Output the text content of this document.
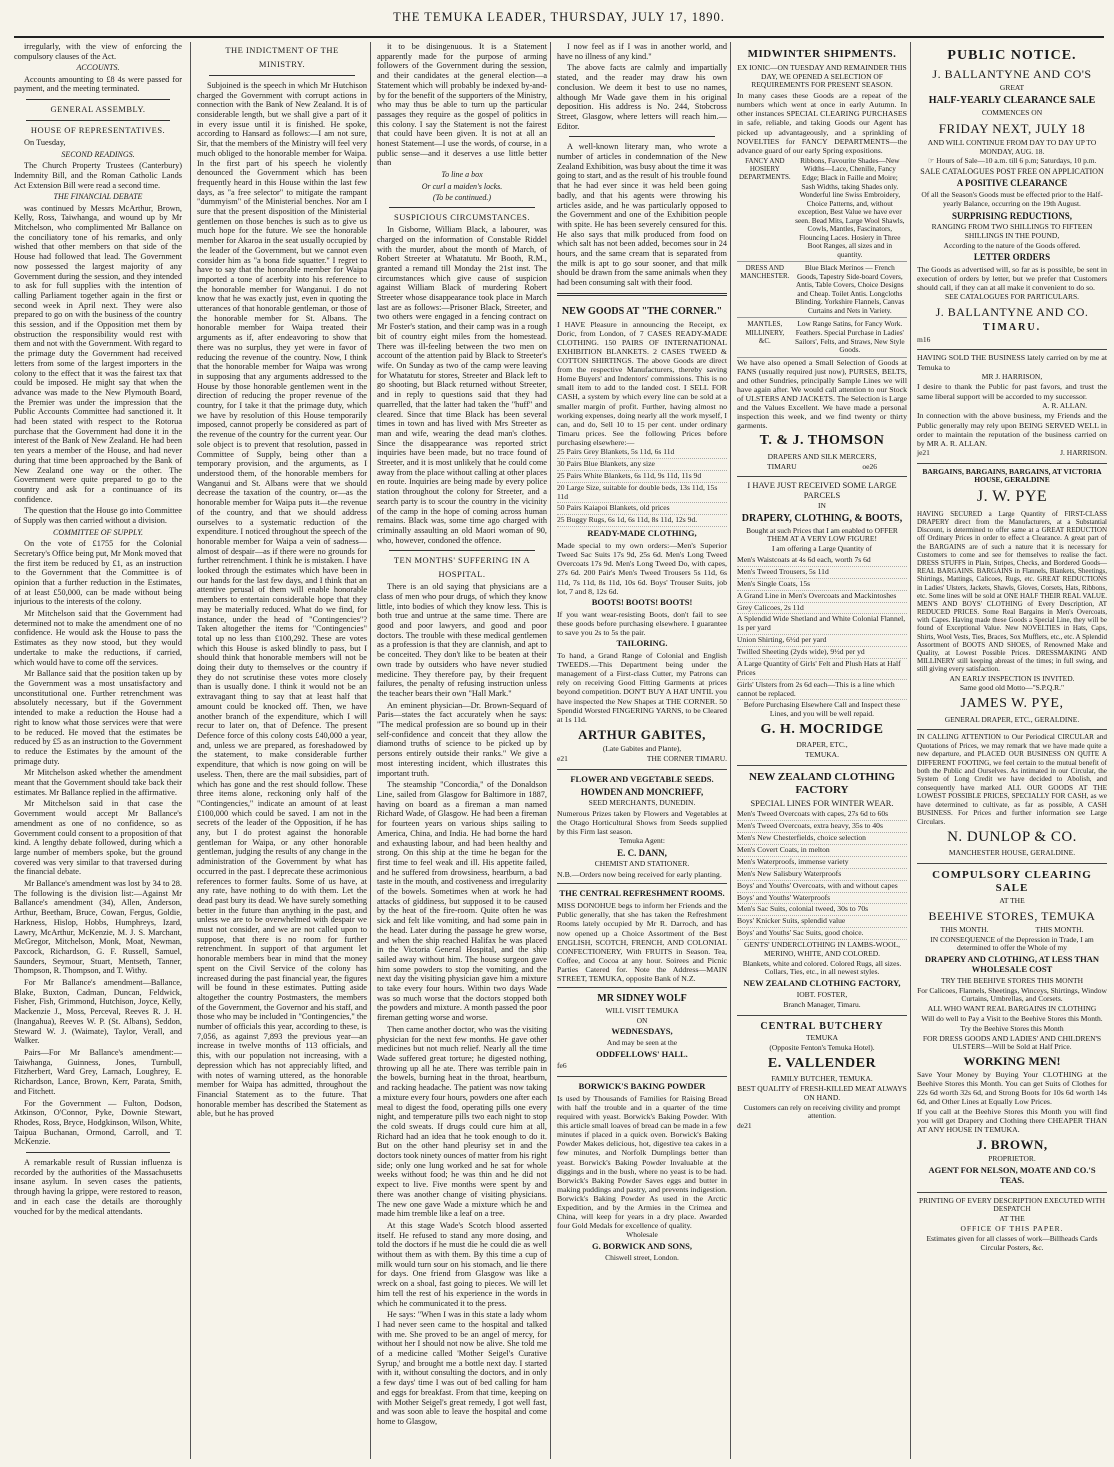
THE TEMUKA LEADER, THURSDAY, JULY 17, 1890.

irregularly, with the view of enforcing the compulsory clauses of the Act.

ACCOUNTS.

Accounts amounting to £8 4s were passed for payment, and the meeting terminated.

GENERAL ASSEMBLY.
HOUSE OF REPRESENTATIVES.

On Tuesday,

SECOND READINGS.

The Church Property Trustees (Canterbury) Indemnity Bill, and the Roman Catholic Lands Act Extension Bill were read a second time.

THE FINANCIAL DEBATE

was continued by Messrs McArthur, Brown, Kelly, Ross, Taiwhanga, and wound up by Mr Mitchelson, who complimented Mr Ballance on the conciliatory tone of his remarks, and only wished that other members on that side of the House had followed that lead. The Government now possessed the largest majority of any Government during the session, and they intended to ask for full supplies with the intention of calling Parliament together again in the first or second week in April next. They were also prepared to go on with the business of the country this session, and if the Opposition met them by obstruction the responsibility would rest with them and not with the Government. With regard to the primage duty the Government had received letters from some of the largest importers in the colony to the effect that it was the fairest tax that could be imposed. He might say that when the advance was made to the New Plymouth Board, the Premier was under the impression that the Public Accounts Committee had sanctioned it. It had been stated with respect to the Rotorua purchase that the Government had done it in the interest of the Bank of New Zealand. He had been ten years a member of the House, and had never during that time been approached by the Bank of New Zealand one way or the other. The Government were quite prepared to go to the country and ask for a continuance of its confidence.

The question that the House go into Committee of Supply was then carried without a division.

COMMITTEE OF SUPPLY.

On the vote of £1755 for the Colonial Secretary's Office being put, Mr Monk moved that the first item be reduced by £1, as an instruction to the Government that the Committee is of opinion that a further reduction in the Estimates, of at least £50,000, can be made without being injurious to the interests of the colony.

Mr Mitchelson said that the Government had determined not to make the amendment one of no confidence. He would ask the House to pass the Estimates as they now stood, but they would undertake to make the reductions, if carried, which would have to come off the services.

Mr Ballance said that the position taken up by the Government was a most unsatisfactory and unconstitutional one. Further retrenchment was absolutely necessary, but if the Government intended to make a reduction the House had a right to know what those services were that were to be reduced. He moved that the estimates be reduced by £5 as an instruction to the Government to reduce the Estimates by the amount of the primage duty.

Mr Mitchelson asked whether the amendment meant that the Government should take back their estimates. Mr Ballance replied in the affirmative.

Mr Mitchelson said in that case the Government would accept Mr Ballance's amendment as one of no confidence, so as Government could consent to a proposition of that kind. A lengthy debate followed, during which a large number of members spoke, but the ground covered was very similar to that traversed during the financial debate.

Mr Ballance's amendment was lost by 34 to 28. The following is the division list:—Against Mr Ballance's amendment (34), Allen, Anderson, Arthur, Beetham, Bruce, Cowan, Fergus, Goldie, Harkness, Hislop, Hobbs, Humphreys, Izard, Lawry, McArthur, McKenzie, M. J. S. Marchant, McGregor, Mitchelson, Monk, Moat, Newman, Paxcock, Richardson, G. F. Russell, Samuel, Saunders, Seymour, Stuart, Mentseth, Tanner, Thompson, R. Thompson, and T. Withy.

For Mr Ballance's amendment—Ballance, Blake, Buxton, Cadman, Duncan, Feldwick, Fisher, Fish, Grimmond, Hutchison, Joyce, Kelly, Mackenzie J., Moss, Perceval, Reeves R. J. H. (Inangahua), Reeves W. P. (St. Albans), Seddon, Steward W. J. (Waimate), Taylor, Verall, and Walker.

Pairs—For Mr Ballance's amendment:—Taiwhanga, Guinness, Jones, Turnbull, Fitzherbert, Ward Grey, Larnach, Loughrey, E. Richardson, Lance, Brown, Kerr, Parata, Smith, and Fitchett.

For the Government — Fulton, Dodson, Atkinson, O'Connor, Pyke, Downie Stewart, Rhodes, Ross, Bryce, Hodgkinson, Wilson, White, Taipua Buchanan, Ormond, Carroll, and T. McKenzie.

A remarkable result of Russian influenza is recorded by the authorities of the Massachusetts insane asylum. In seven cases the patients, through having la grippe, were restored to reason, and in each case the details are thoroughly vouched for by the medical attendants.

THE INDICTMENT OF THE
MINISTRY.

Subjoined is the speech in which Mr Hutchison charged the Government with corrupt actions in connection with the Bank of New Zealand. It is of considerable length, but we shall give a part of it in every issue until it is finished. He spoke, according to Hansard as follows:—I am not sure, Sir, that the members of the Ministry will feel very much obliged to the honorable member for Waipa. In the first part of his speech he violently denounced the Government which has been frequently heard in this House within the last few days, as "a free selector" to mitigate the rampant "dummyism" of the Ministerial benches. Nor am I sure that the present disposition of the Ministerial gentlemen on those benches is such as to give us much hope for the future. We see the honorable member for Akaroa in the seat usually occupied by the leader of the Government, but we cannot even consider him as "a bona fide squatter." I regret to have to say that the honorable member for Waipa imported a tone of acerbity into his reference to the honorable member for Wanganui. I do not know that he was exactly just, even in quoting the utterances of that honorable gentleman, or those of the honorable member for St. Albans. The honorable member for Waipa treated their arguments as if, after endeavoring to show that there was no surplus, they yet were in favor of reducing the revenue of the country. Now, I think that the honorable member for Waipa was wrong in supposing that any arguments addressed to the House by those honorable gentlemen went in the direction of reducing the proper revenue of the country, for I take it that the primage duty, which we have by resolution of this House temporarily imposed, cannot properly be considered as part of the revenue of the country for the current year. Our sole object is to prevent that resolution, passed in Committee of Supply, being other than a temporary provision, and the arguments, as I understood them, of the honorable members for Wanganui and St. Albans were that we should decrease the taxation of the country, or—as the honorable member for Waipa puts it—the revenue of the country, and that we should address ourselves to a systematic reduction of the expenditure. I noticed throughout the speech of the honorable member for Waipa a vein of sadness—almost of despair—as if there were no grounds for further retrenchment. I think he is mistaken. I have looked through the estimates which have been in our hands for the last few days, and I think that an attentive perusal of them will enable honorable members to entertain considerable hope that they may be materially reduced. What do we find, for instance, under the head of "Contingencies"? Taken altogether the items for "Contingencies" total up no less than £100,292. These are votes which this House is asked blindly to pass, but I should think that honorable members will not be doing their duty to themselves or the country if they do not scrutinise these votes more closely than is usually done. I think it would not be an extravagant thing to say that at least half that amount could be knocked off. Then, we have another branch of the expenditure, which I will recur to later on, that of Defence. The present Defence force of this colony costs £40,000 a year, and, unless we are prepared, as foreshadowed by the statement, to make considerable further expenditure, that which is now going on will be useless. Then, there are the mail subsidies, part of which has gone and the rest should follow. These three items alone, reckoning only half of the "Contingencies," indicate an amount of at least £100,000 which could be saved. I am not in the secrets of the leader of the Opposition, if he has any, but I do protest against the honorable gentleman for Waipa, or any other honorable gentleman, judging the results of any change in the administration of the Government by what has occurred in the past. I deprecate these acrimonious references to former faults. Some of us have, at any rate, have nothing to do with them. Let the dead past bury its dead. We have surely something better in the future than anything in the past, and unless we are to be overwhelmed with despair we must not consider, and we are not called upon to suppose, that there is no room for further retrenchment. In support of that argument let honorable members bear in mind that the money spent on the Civil Service of the colony has increased during the past financial year, the figures will be found in these estimates. Putting aside altogether the country Postmasters, the members of the Government, the Governor and his staff, and those who may be included in "Contingencies," the number of officials this year, according to these, is 7,056, as against 7,893 the previous year—an increase in twelve months of 113 officials, and this, with our population not increasing, with a depression which has not appreciably lifted, and with notes of warning uttered, as the honorable member for Waipa has admitted, throughout the Financial Statement as to the future. That honorable member has described the Statement as able, but he has proved

it to be disingenuous. It is a Statement apparently made for the purpose of arming followers of the Government during the session, and their candidates at the general election—a Statement which will probably be indexed by-and-by for the benefit of the supporters of the Ministry, who may thus be able to turn up the particular passages they require as the gospel of politics in this colony. I say the Statement is not the fairest that could have been given. It is not at all an honest Statement—I use the words, of course, in a public sense—and it deserves a use little better than

To line a box
Or curl a maiden's locks.
(To be continued.)
SUSPICIOUS CIRCUMSTANCES.

In Gisborne, William Black, a labourer, was charged on the information of Constable Riddel with the murder, about the month of March, of Robert Streeter at Whatatutu. Mr Booth, R.M., granted a remand till Monday the 21st inst. The circumstances which give cause of suspicion against William Black of murdering Robert Streeter whose disappearance took place in March last are as follows:—Prisoner Black, Streeter, and two others were engaged in a fencing contract on Mr Foster's station, and their camp was in a rough bit of country eight miles from the homestead. There was ill-feeling between the two men on account of the attention paid by Black to Streeter's wife. On Sunday as two of the camp were leaving for Whatatutu for stores, Streeter and Black left to go shooting, but Black returned without Streeter, and in reply to questions said that they had quarrelled, that the latter had taken the "huff" and cleared. Since that time Black has been several times in town and has lived with Mrs Streeter as man and wife, wearing the dead man's clothes. Since the disappearance was reported strict inquiries have been made, but no trace found of Streeter, and it is most unlikely that he could come away from the place without calling at other places en route. Inquiries are being made by every police station throughout the colony for Streeter, and a search party is to scour the country in the vicinity of the camp in the hope of coming across human remains. Black was, some time ago charged with criminally assaulting an old Maori woman of 90, who, however, condoned the offence.

TEN MONTHS' SUFFERING IN A
HOSPITAL.

There is an old saying that physicians are a class of men who pour drugs, of which they know little, into bodies of which they know less. This is both true and untrue at the same time. There are good and poor lawyers, and good and poor doctors. The trouble with these medical gentlemen as a profession is that they are clannish, and apt to be conceited. They don't like to be beaten at their own trade by outsiders who have never studied medicine. They therefore pay, by their frequent failures, the penalty of refusing instruction unless the teacher bears their own "Hall Mark."

An eminent physician—Dr. Brown-Sequard of Paris—states the fact accurately when he says: "The medical profession are so bound up in their self-confidence and conceit that they allow the diamond truths of science to be picked up by persons entirely outside their ranks." We give a most interesting incident, which illustrates this important truth.

The steamship "Concordia," of the Donaldson Line, sailed from Glasgow for Baltimore in 1887, having on board as a fireman a man named Richard Wade, of Glasgow. He had been a fireman for fourteen years on various ships sailing to America, China, and India. He had borne the hard and exhausting labour, and had been healthy and strong. On this ship at the time he began for the first time to feel weak and ill. His appetite failed, and he suffered from drowsiness, heartburn, a bad taste in the mouth, and costiveness and irregularity of the bowels. Sometimes when at work he had attacks of giddiness, but supposed it to be caused by the heat of the fire-room. Quite often he was sick and felt like vomiting, and had some pain in the head. Later during the passage he grew worse, and when the ship reached Halifax he was placed in the Victoria General Hospital, and the ship sailed away without him. The house surgeon gave him some powders to stop the vomiting, and the next day the visiting physician gave him a mixture to take every four hours. Within two days Wade was so much worse that the doctors stopped both the powders and mixture. A month passed the poor fireman getting worse and worse.

Then came another doctor, who was the visiting physician for the next few months. He gave other medicines but not much relief. Nearly all the time Wade suffered great torture; he digested nothing, throwing up all he ate. There was terrible pain in the bowels, burning heat in the throat, heartburn, and racking headache. The patient was now taking a mixture every four hours, powders one after each meal to digest the food, operating pills one every night, and temperature pills two each night to stop the cold sweats. If drugs could cure him at all, Richard had an idea that he took enough to do it. But on the other hand pleurisy set in and the doctors took ninety ounces of matter from his right side; only one lung worked and he sat for whole weeks without food; he was thin and he did not expect to live. Five months were spent by and there was another change of visiting physicians. The new one gave Wade a mixture which he and made him tremble like a leaf on a tree.

At this stage Wade's Scotch blood asserted itself. He refused to stand any more dosing, and told the doctors if he must die he could die as well without them as with them. By this time a cup of milk would turn sour on his stomach, and lie there for days. One friend from Glasgow was like a wreck on a shoal, fast going to pieces. We will let him tell the rest of his experience in the words in which he communicated it to the press.

He says: "When I was in this state a lady whom I had never seen came to the hospital and talked with me. She proved to be an angel of mercy, for without her I should not now be alive. She told me of a medicine called 'Mother Seigel's Curative Syrup,' and brought me a bottle next day. I started with it, without consulting the doctors, and in only a few days' time I was out of bed calling for ham and eggs for breakfast. From that time, keeping on with Mother Seigel's great remedy, I got well fast, and was soon able to leave the hospital and come home to Glasgow,

I now feel as if I was in another world, and have no illness of any kind."

The above facts are calmly and impartially stated, and the reader may draw his own conclusion. We deem it best to use no names, although Mr Wade gave them in his original deposition. His address is No. 244, Stobcross Street, Glasgow, where letters will reach him.—Editor.

A well-known literary man, who wrote a number of articles in condemnation of the New Zealand Exhibition, was busy about the time it was going to start, and as the result of his trouble found that he had ever since it was held been going badly, and that his agents were throwing his articles aside, and he was particularly opposed to the Government and one of the Exhibition people with spite. He has been severely censured for this. He also says that milk produced from food on which salt has not been added, becomes sour in 24 hours, and the same cream that is separated from the milk is apt to go sour sooner, and that milk should be drawn from the same animals when they had been consuming salt with their food.

NEW GOODS AT "THE CORNER."
I HAVE Pleasure in announcing the Receipt, ex Doric, from London, of 7 CASES READY-MADE CLOTHING. 150 PAIRS OF INTERNATIONAL EXHIBITION BLANKETS. 2 CASES TWEED & COTTON SHIRTINGS. The above Goods are direct from the respective Manufacturers, thereby saving Home Buyers' and Indentors' commissions. This is no small item to add to the landed cost. I SELL FOR CASH, a system by which every line can be sold at a smaller margin of profit. Further, having almost no working expenses, doing nearly all the work myself, I can, and do, Sell 10 to 15 per cent. under ordinary Timaru prices. See the following Prices before purchasing elsewhere:—
25 Pairs Grey Blankets, 5s 11d, 6s 11d
30 Pairs Blue Blankets, any size
25 Pairs White Blankets, 6s 11d, 9s 11d, 11s 9d
20 Large Size, suitable for double beds, 13s 11d, 15s 11d
50 Pairs Kaiapoi Blankets, old prices
25 Buggy Rugs, 6s 1d, 6s 11d, 8s 11d, 12s 9d.
READY-MADE CLOTHING,
Made special to my own orders:—Men's Superior Tweed Sac Suits 17s 9d, 25s 6d. Men's Long Tweed Overcoats 17s 9d. Men's Long Tweed Do, with capes, 27s 6d. 200 Pair's Men's Tweed Trousers 5s 11d, 6s 11d, 7s 11d, 8s 11d, 10s 6d. Boys' Trouser Suits, job lot, 7 and 8, 12s 6d.
BOOTS! BOOTS! BOOTS!
If you want wear-resisting Boots, don't fail to see these goods before purchasing elsewhere. I guarantee to save you 2s to 5s the pair.
TAILORING.
To hand, a Grand Range of Colonial and English TWEEDS.—This Department being under the management of a First-class Cutter, my Patrons can rely on receiving Good Fitting Garments at prices beyond competition. DON'T BUY A HAT UNTIL you have inspected the New Shapes at THE CORNER. 50 Spendid Worsted FINGERING YARNS, to be Cleared at 1s 11d.
ARTHUR GABITES,
(Late Gabites and Plante),
e21	THE CORNER TIMARU.
FLOWER AND VEGETABLE SEEDS.
HOWDEN AND MONCRIEFF,
SEED MERCHANTS, DUNEDIN.
Numerous Prizes taken by Flowers and Vegetables at the Otago Horticultural Shows from Seeds supplied by this Firm last season.
Temuka Agent:
E. C. DANN,
CHEMIST AND STATIONER.
N.B.—Orders now being received for early planting.
THE CENTRAL REFRESHMENT ROOMS.
MISS DONOHUE begs to inform her Friends and the Public generally, that she has taken the Refreshment Rooms lately occupied by Mr R. Darroch, and has now opened up a Choice Assortment of the Best ENGLISH, SCOTCH, FRENCH, AND COLONIAL CONFECTIONERY, With FRUITS in Season. Tea, Coffee, and Cocoa at any hour. Soirees and Picnic Parties Catered for. Note the Address—MAIN STREET, TEMUKA, opposite Bank of N.Z.
MR SIDNEY WOLF
WILL VISIT TEMUKA
ON
WEDNESDAYS,
And may be seen at the
ODDFELLOWS' HALL.
fe6
BORWICK'S BAKING POWDER
Is used by Thousands of Families for Raising Bread with half the trouble and in a quarter of the time required with yeast. Borwick's Baking Powder. With this article small loaves of bread can be made in a few minutes if placed in a quick oven. Borwick's Baking Powder Makes delicious, hot, digestive tea cakes in a few minutes, and Norfolk Dumplings better than yeast. Borwick's Baking Powder Invaluable at the diggings and in the bush, where no yeast is to be had. Borwick's Baking Powder Saves eggs and butter in making puddings and pastry, and prevents indigestion. Borwick's Baking Powder As used in the Arctic Expedition, and by the Armies in the Crimea and China, will keep for years in a dry place. Awarded four Gold Medals for excellence of quality.
Wholesale
G. BORWICK AND SONS,
Chiswell street, London.
MIDWINTER SHIPMENTS.
EX IONIC—ON TUESDAY AND REMAINDER THIS DAY, WE OPENED A SELECTION OF REQUIREMENTS FOR PRESENT SEASON.
In many cases these Goods are a repeat of the numbers which went at once in early Autumn. In other instances SPECIAL CLEARING PURCHASES in safe, reliable, and taking Goods our Agent has picked up advantageously, and a sprinkling of NOVELTIES for FANCY DEPARTMENTS—the advance guard of our early Spring expositions.
FANCY AND HOSIERY DEPARTMENTS.	Ribbons, Favourite Shades—New Widths—Lace, Chenille, Fancy Edge; Black in Faille and Moire; Sash Widths, taking Shades only. Wonderful line Swiss Embroidery, Choice Patterns, and, without exception, Best Value we have ever seen. Bead Mits, Large Wool Shawls, Cowls, Mantles, Fascinators, Flouncing Laces. Hosiery in Three Boot Ranges, all sizes and in quantity.
DRESS AND MANCHESTER.	Blue Black Merinos — French Goods, Tapestry Side-board Covers, Antis, Table Covers, Choice Designs and Cheap. Toilet Antis. Longcloths Blinding. Yorkshire Flannels, Canvas Curtains and Nets in Variety.
MANTLES, MILLINERY, &C.	Low Range Satins, for Fancy Work. Feathers. Special Purchase in Ladies' Sailors', Felts, and Straws, New Style Goods.
We have also opened a Small Selection of Goods at FANS (usually required just now), PURSES, BELTS, and other Sundries, principally Sample Lines we will have again after. We would call attention to our Stock of ULSTERS AND JACKETS. The Selection is Large and the Values Excellent. We have made a personal inspection this week, and we find twenty or thirty garments.
T. & J. THOMSON
DRAPERS AND SILK MERCERS,
TIMARU	oe26
I HAVE JUST RECEIVED SOME LARGE PARCELS
IN
DRAPERY, CLOTHING, & BOOTS,
Bought at such Prices that I am enabled to OFFER THEM AT A VERY LOW FIGURE!
I am offering a Large Quantity of
Men's Waistcoats at 4s 6d each, worth 7s 6d
Men's Tweed Trousers, 5s 11d
Men's Single Coats, 15s
A Grand Line in Men's Overcoats and Mackintoshes
Grey Calicoes, 2s 11d
A Splendid Wide Shetland and White Colonial Flannel, 1s per yard
Union Shirting, 6½d per yard
Twilled Sheeting (2yds wide), 9½d per yd
A Large Quantity of Girls' Felt and Plush Hats at Half Prices
Girls' Ulsters from 2s 6d each—This is a line which cannot be replaced.
Before Purchasing Elsewhere Call and Inspect these Lines, and you will be well repaid.
G. H. MOCRIDGE
DRAPER, ETC.,
TEMUKA.
NEW ZEALAND CLOTHING FACTORY
SPECIAL LINES FOR WINTER WEAR.
Men's Tweed Overcoats with capes, 27s 6d to 60s
Men's Tweed Overcoats, extra heavy, 35s to 40s
Men's New Chesterfields, choice selection
Men's Covert Coats, in melton
Men's Waterproofs, immense variety
Men's New Salisbury Waterproofs
Boys' and Youths' Overcoats, with and without capes
Boys' and Youths' Waterproofs
Men's Sac Suits, colonial tweed, 30s to 70s
Boys' Knicker Suits, splendid value
Boys' and Youths' Sac Suits, good choice.
GENTS' UNDERCLOTHING IN LAMBS-WOOL, MERINO, WHITE, AND COLORED.
Blankets, white and colored. Colored Rugs, all sizes. Collars, Ties, etc., in all newest styles.
NEW ZEALAND CLOTHING FACTORY,
IOBT. FOSTER,
Branch Manager, Timaru.
CENTRAL BUTCHERY
TEMUKA
(Opposite Fenton's Temuka Hotel).
E. VALLENDER
FAMILY BUTCHER, TEMUKA.
BEST QUALITY of FRESH-KILLED MEAT ALWAYS ON HAND.
Customers can rely on receiving civility and prompt attention.
de21
PUBLIC NOTICE.
J. BALLANTYNE AND CO'S
GREAT
HALF-YEARLY CLEARANCE SALE
COMMENCES ON
FRIDAY NEXT, JULY 18
AND WILL CONTINUE FROM DAY TO DAY UP TO MONDAY, AUG. 18.
☞ Hours of Sale—10 a.m. till 6 p.m; Saturdays, 10 p.m.
SALE CATALOGUES POST FREE ON APPLICATION
A POSITIVE CLEARANCE
Of all the Season's Goods must be effected prior to the Half-yearly Balance, occurring on the 19th August.
SURPRISING REDUCTIONS,
RANGING FROM TWO SHILLINGS TO FIFTEEN SHILLINGS IN THE POUND,
According to the nature of the Goods offered.
LETTER ORDERS
The Goods as advertised will, so far as is possible, be sent in execution of orders by letter, but we prefer that Customers should call, if they can at all make it convenient to do so.
SEE CATALOGUES FOR PARTICULARS.
J. BALLANTYNE AND CO.
TIMARU.
m16
HAVING SOLD THE BUSINESS lately carried on by me at Temuka to
MR J. HARRISON,
I desire to thank the Public for past favors, and trust the same liberal support will be accorded to my successor.
A. R. ALLAN.
In connection with the above business, my Friends and the Public generally may rely upon BEING SERVED WELL in order to maintain the reputation of the business carried on by MR A. R. ALLAN.
je21	J. HARRISON.
BARGAINS, BARGAINS, BARGAINS, AT VICTORIA HOUSE, GERALDINE
J. W. PYE
HAVING SECURED a Large Quantity of FIRST-CLASS DRAPERY direct from the Manufacturers, at a Substantial Discount, is determined to offer same at a GREAT REDUCTION off Ordinary Prices in order to effect a Clearance. A great part of the BARGAINS are of such a nature that it is necessary for Customers to come and see for themselves to realise the fact. DRESS STUFFS in Plain, Stripes, Checks, and Bordered Goods—REAL BARGAINS. BARGAINS in Flannels, Blankets, Sheetings, Shirtings, Mattings, Calicoes, Rugs, etc. GREAT REDUCTIONS in Ladies' Ulsters, Jackets, Shawls, Gloves, Corsets, Hats, Ribbons, etc. Some lines will be sold at ONE HALF THEIR REAL VALUE. MEN'S AND BOYS' CLOTHING of Every Description, AT REDUCED PRICES. Some Real Bargains in Men's Overcoats, with Capes. Having made these Goods a Special Line, they will be found of Exceptional Value. New NOVELTIES in Hats, Caps, Shirts, Wool Vests, Ties, Braces, Sox Mufflers, etc., etc. A Splendid Assortment of BOOTS AND SHOES, of Renowned Make and Quality, at Lowest Possible Prices. DRESSMAKING AND MILLINERY still keeping abreast of the times; in full swing, and still giving every satisfaction.
AN EARLY INSPECTION IS INVITED.
Same good old Motto—"S.P.Q.R."
JAMES W. PYE,
GENERAL DRAPER, ETC., GERALDINE.
IN CALLING ATTENTION to Our Periodical CIRCULAR and Quotations of Prices, we may remark that we have made quite a new departure, and PLACED OUR BUSINESS ON QUITE A DIFFERENT FOOTING, we feel certain to the mutual benefit of both the Public and Ourselves. As intimated in our Circular, the System of Long Credit we have decided to Abolish, and consequently have marked ALL OUR GOODS AT THE LOWEST POSSIBLE PRICES, SPECIALLY FOR CASH, as we have determined to cultivate, as far as possible, A CASH BUSINESS. For Prices and further information see Large Circulars.
N. DUNLOP & CO.
MANCHESTER HOUSE, GERALDINE.
COMPULSORY CLEARING SALE
AT THE
BEEHIVE STORES, TEMUKA
THIS MONTH.	THIS MONTH.
IN CONSEQUENCE of the Depression in Trade, I am determined to offer the Whole of my
DRAPERY AND CLOTHING, AT LESS THAN WHOLESALE COST
TRY THE BEEHIVE STORES THIS MONTH
For Calicoes, Flannels, Sheetings, Winceys, Shirtings, Window Curtains, Umbrellas, and Corsets.
ALL WHO WANT REAL BARGAINS IN CLOTHING
Will do well to Pay a Visit to the Beehive Stores this Month.
Try the Beehive Stores this Month
FOR DRESS GOODS AND LADIES' AND CHILDREN'S ULSTERS—Will be Sold at Half Price.
WORKING MEN!
Save Your Money by Buying Your CLOTHING at the Beehive Stores this Month. You can get Suits of Clothes for 22s 6d worth 32s 6d, and Strong Boots for 10s 6d worth 14s 6d, and Other Lines at Equally Low Prices.
If you call at the Beehive Stores this Month you will find you will get Drapery and Clothing there CHEAPER THAN AT ANY HOUSE IN TEMUKA.
J. BROWN,
PROPRIETOR.
AGENT FOR NELSON, MOATE AND CO.'S TEAS.
PRINTING OF EVERY DESCRIPTION EXECUTED WITH DESPATCH
AT THE
OFFICE OF THIS PAPER.
Estimates given for all classes of work—Billheads Cards Circular Posters, &c.
